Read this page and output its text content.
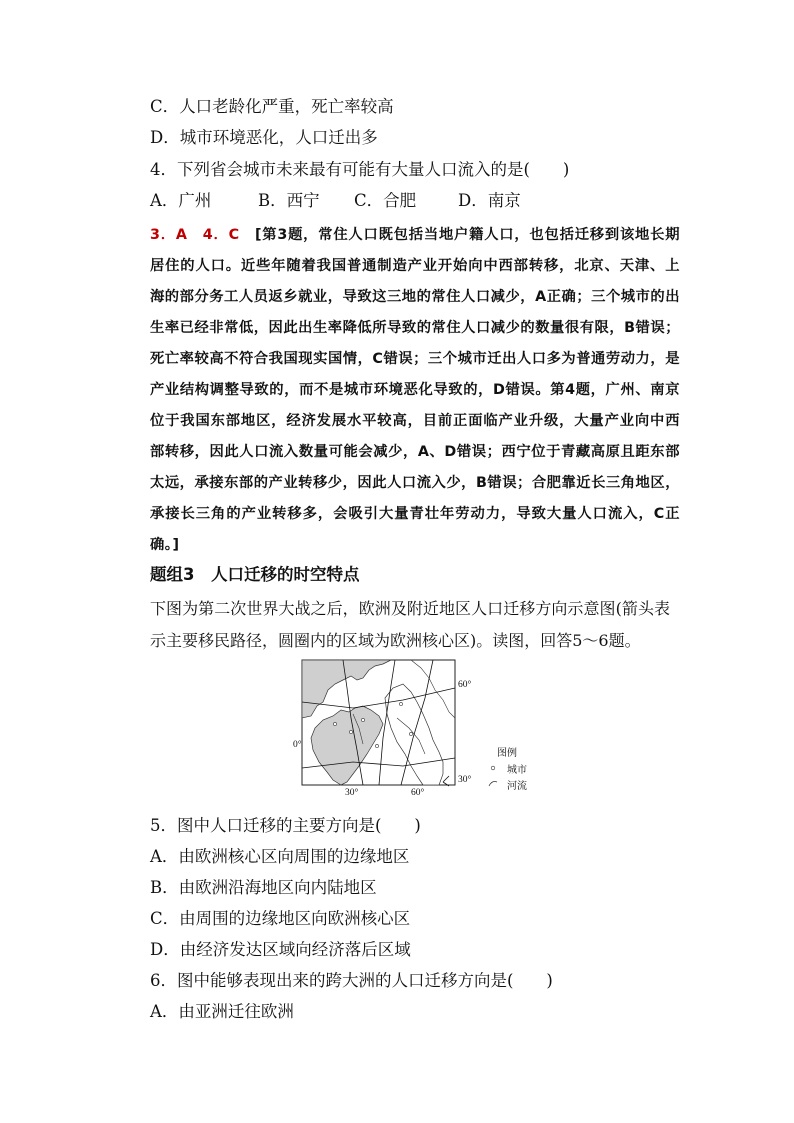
C．人口老龄化严重，死亡率较高
D．城市环境恶化，人口迁出多
4．下列省会城市未来最有可能有大量人口流入的是(　　)
A．广州	B．西宁	C．合肥	D．南京
3．A　4．C　 [第3题，常住人口既包括当地户籍人口，也包括迁移到该地长期居住的人口。近些年随着我国普通制造产业开始向中西部转移，北京、天津、上海的部分务工人员返乡就业，导致这三地的常住人口减少，A正确；三个城市的出生率已经非常低，因此出生率降低所导致的常住人口减少的数量很有限，B错误；死亡率较高不符合我国现实国情，C错误；三个城市迁出人口多为普通劳动力，是产业结构调整导致的，而不是城市环境恶化导致的，D错误。第4题，广州、南京位于我国东部地区，经济发展水平较高，目前正面临产业升级，大量产业向中西部转移，因此人口流入数量可能会减少，A、D错误；西宁位于青藏高原且距东部太远，承接东部的产业转移少，因此人口流入少，B错误；合肥靠近长三角地区，承接长三角的产业转移多，会吸引大量青壮年劳动力，导致大量人口流入，C正确。]
题组3　人口迁移的时空特点
下图为第二次世界大战之后，欧洲及附近地区人口迁移方向示意图(箭头表示主要移民路径，圆圈内的区域为欧洲核心区)。读图，回答5～6题。
60°
0°
30°
30°	60°
图例
城市
河流
5．图中人口迁移的主要方向是(　　)
A．由欧洲核心区向周围的边缘地区
B．由欧洲沿海地区向内陆地区
C．由周围的边缘地区向欧洲核心区
D．由经济发达区域向经济落后区域
6．图中能够表现出来的跨大洲的人口迁移方向是(　　)
A．由亚洲迁往欧洲
